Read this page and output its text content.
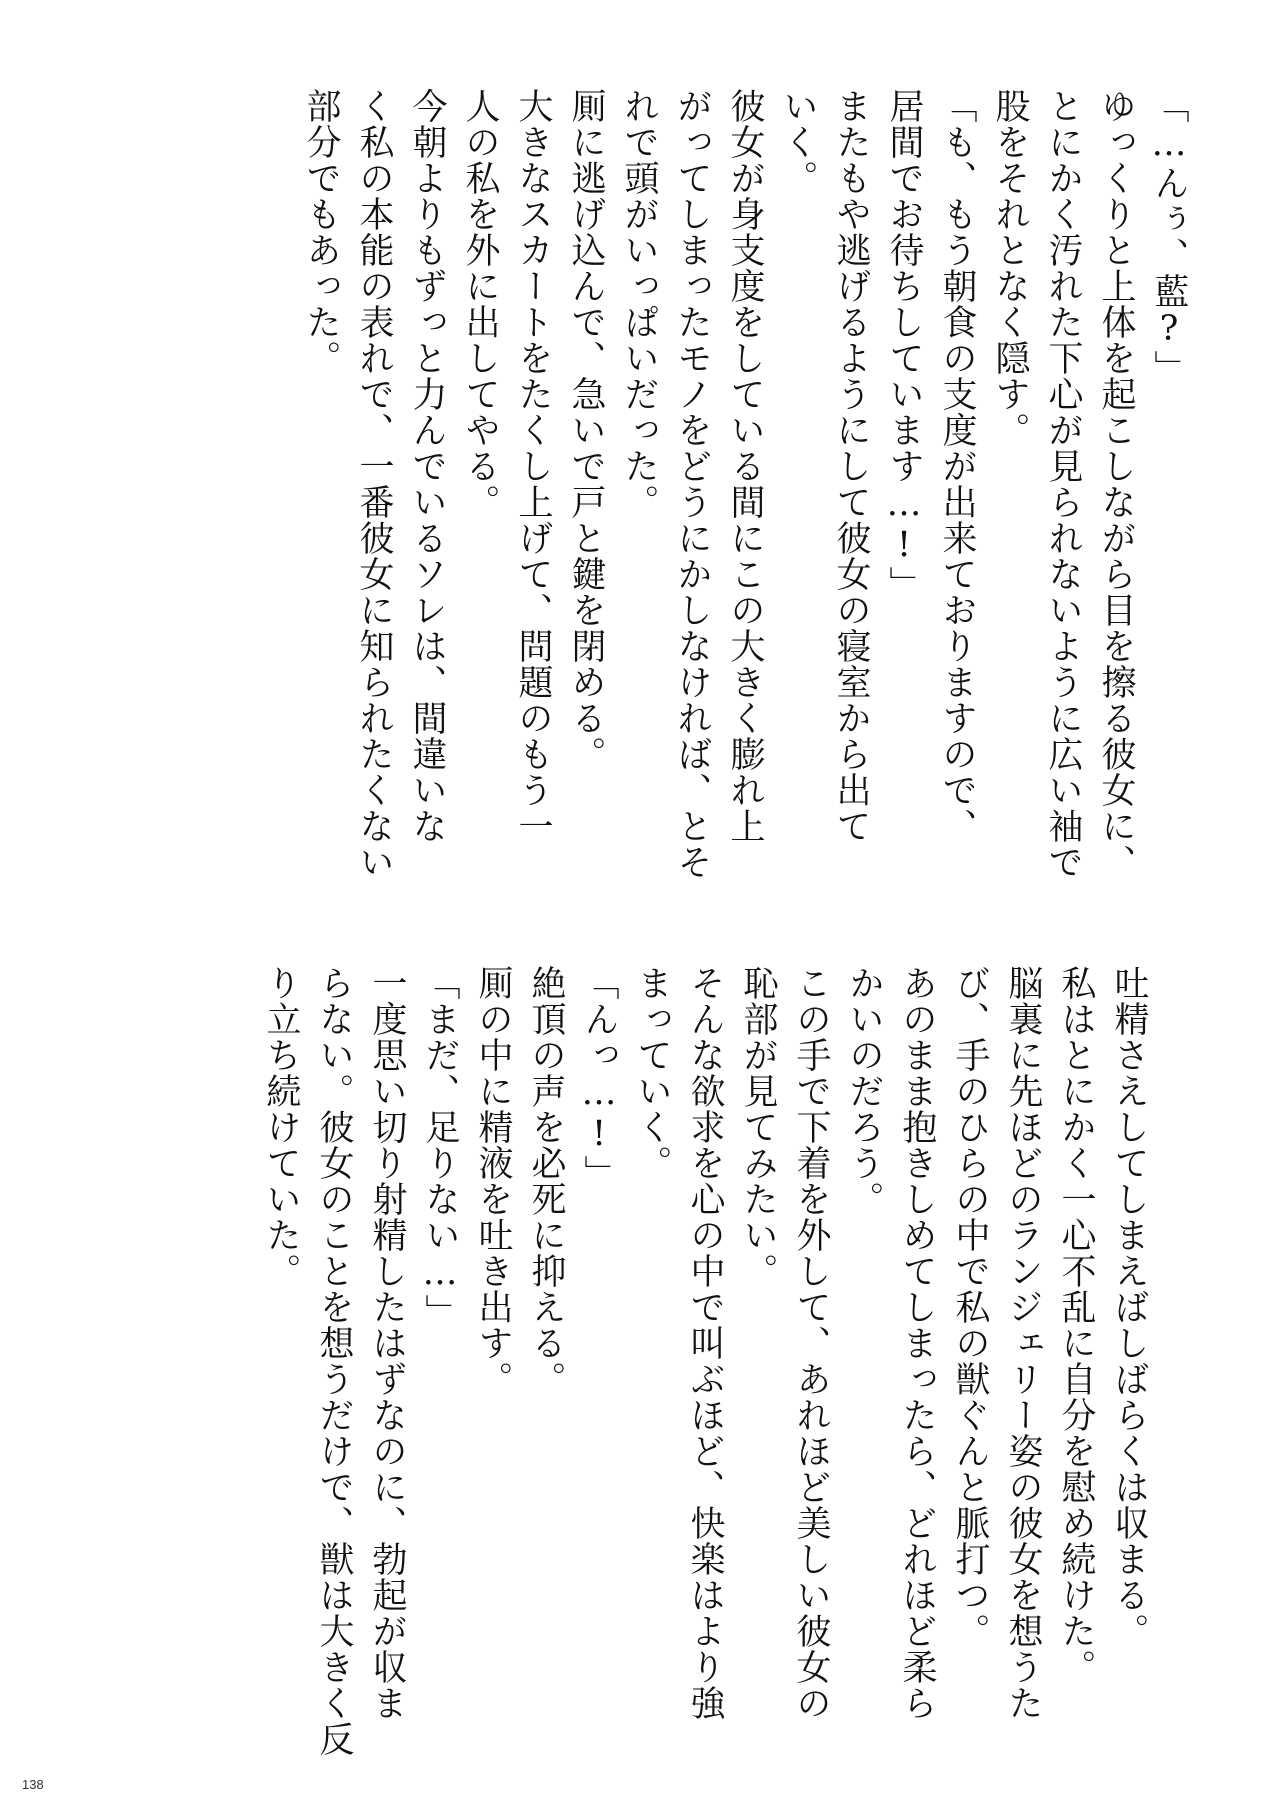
「…んぅ、藍?」

ゆっくりと上体を起こしながら目を擦る彼女に、

とにかく汚れた下心が見られないように広い袖で

股をそれとなく隠す。

「も、もう朝食の支度が出来ておりますので、

居間でお待ちしています…!」

またもや逃げるようにして彼女の寝室から出て

いく。

彼女が身支度をしている間にこの大きく膨れ上

がってしまったモノをどうにかしなければ、とそ

れで頭がいっぱいだった。

厠に逃げ込んで、急いで戸と鍵を閉める。

大きなスカートをたくし上げて、問題のもう一

人の私を外に出してやる。

今朝よりもずっと力んでいるソレは、間違いな

く私の本能の表れで、一番彼女に知られたくない

部分でもあった。

吐精さえしてしまえばしばらくは収まる。

私はとにかく一心不乱に自分を慰め続けた。

脳裏に先ほどのランジェリー姿の彼女を想うた

び、手のひらの中で私の獣ぐんと脈打つ。

あのまま抱きしめてしまったら、どれほど柔ら

かいのだろう。

この手で下着を外して、あれほど美しい彼女の

恥部が見てみたい。

そんな欲求を心の中で叫ぶほど、快楽はより強

まっていく。

「んっ…!」

絶頂の声を必死に抑える。

厠の中に精液を吐き出す。

「まだ、足りない…」

一度思い切り射精したはずなのに、勃起が収ま

らない。彼女のことを想うだけで、獣は大きく反

り立ち続けていた。

138
